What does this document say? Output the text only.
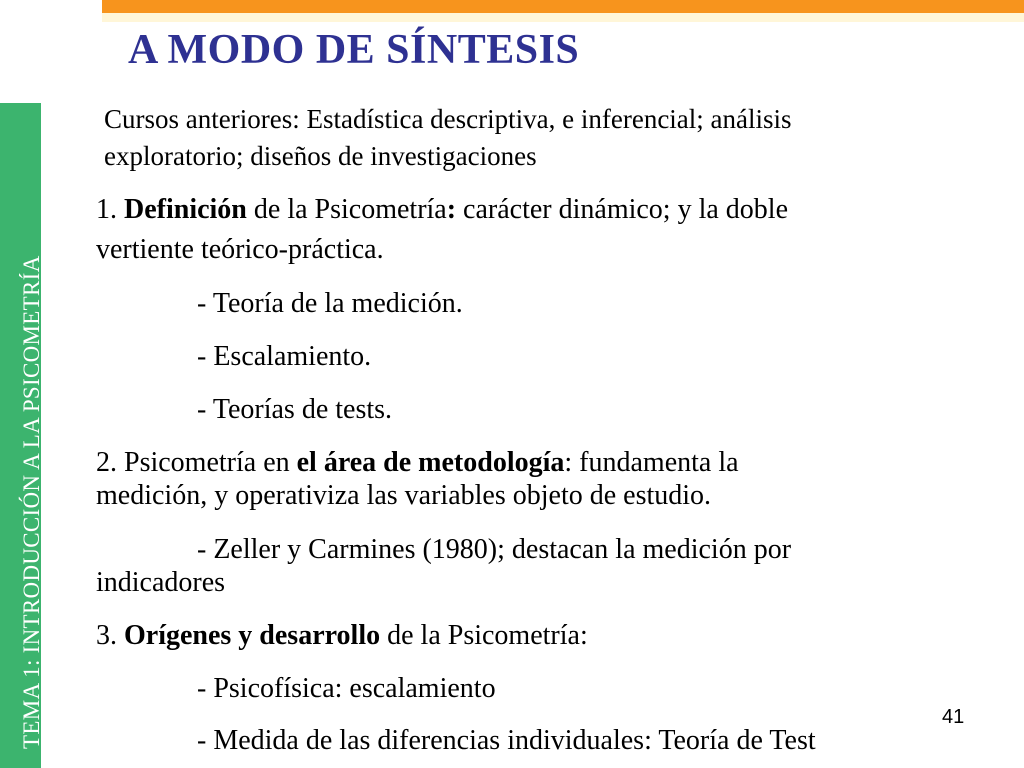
TEMA 1: INTRODUCCIÓN A LA PSICOMETRÍA
A MODO DE SÍNTESIS
Cursos anteriores: Estadística descriptiva, e inferencial; análisis
exploratorio; diseños de investigaciones
1. Definición de la Psicometría: carácter dinámico; y la doble
vertiente teórico-práctica.
- Teoría de la medición.
- Escalamiento.
- Teorías de tests.
2. Psicometría en el área de metodología: fundamenta la
medición, y operativiza las variables objeto de estudio.
- Zeller y Carmines (1980); destacan la medición por
indicadores
3. Orígenes y desarrollo de la Psicometría:
- Psicofísica: escalamiento
- Medida de las diferencias individuales: Teoría de Test
41
